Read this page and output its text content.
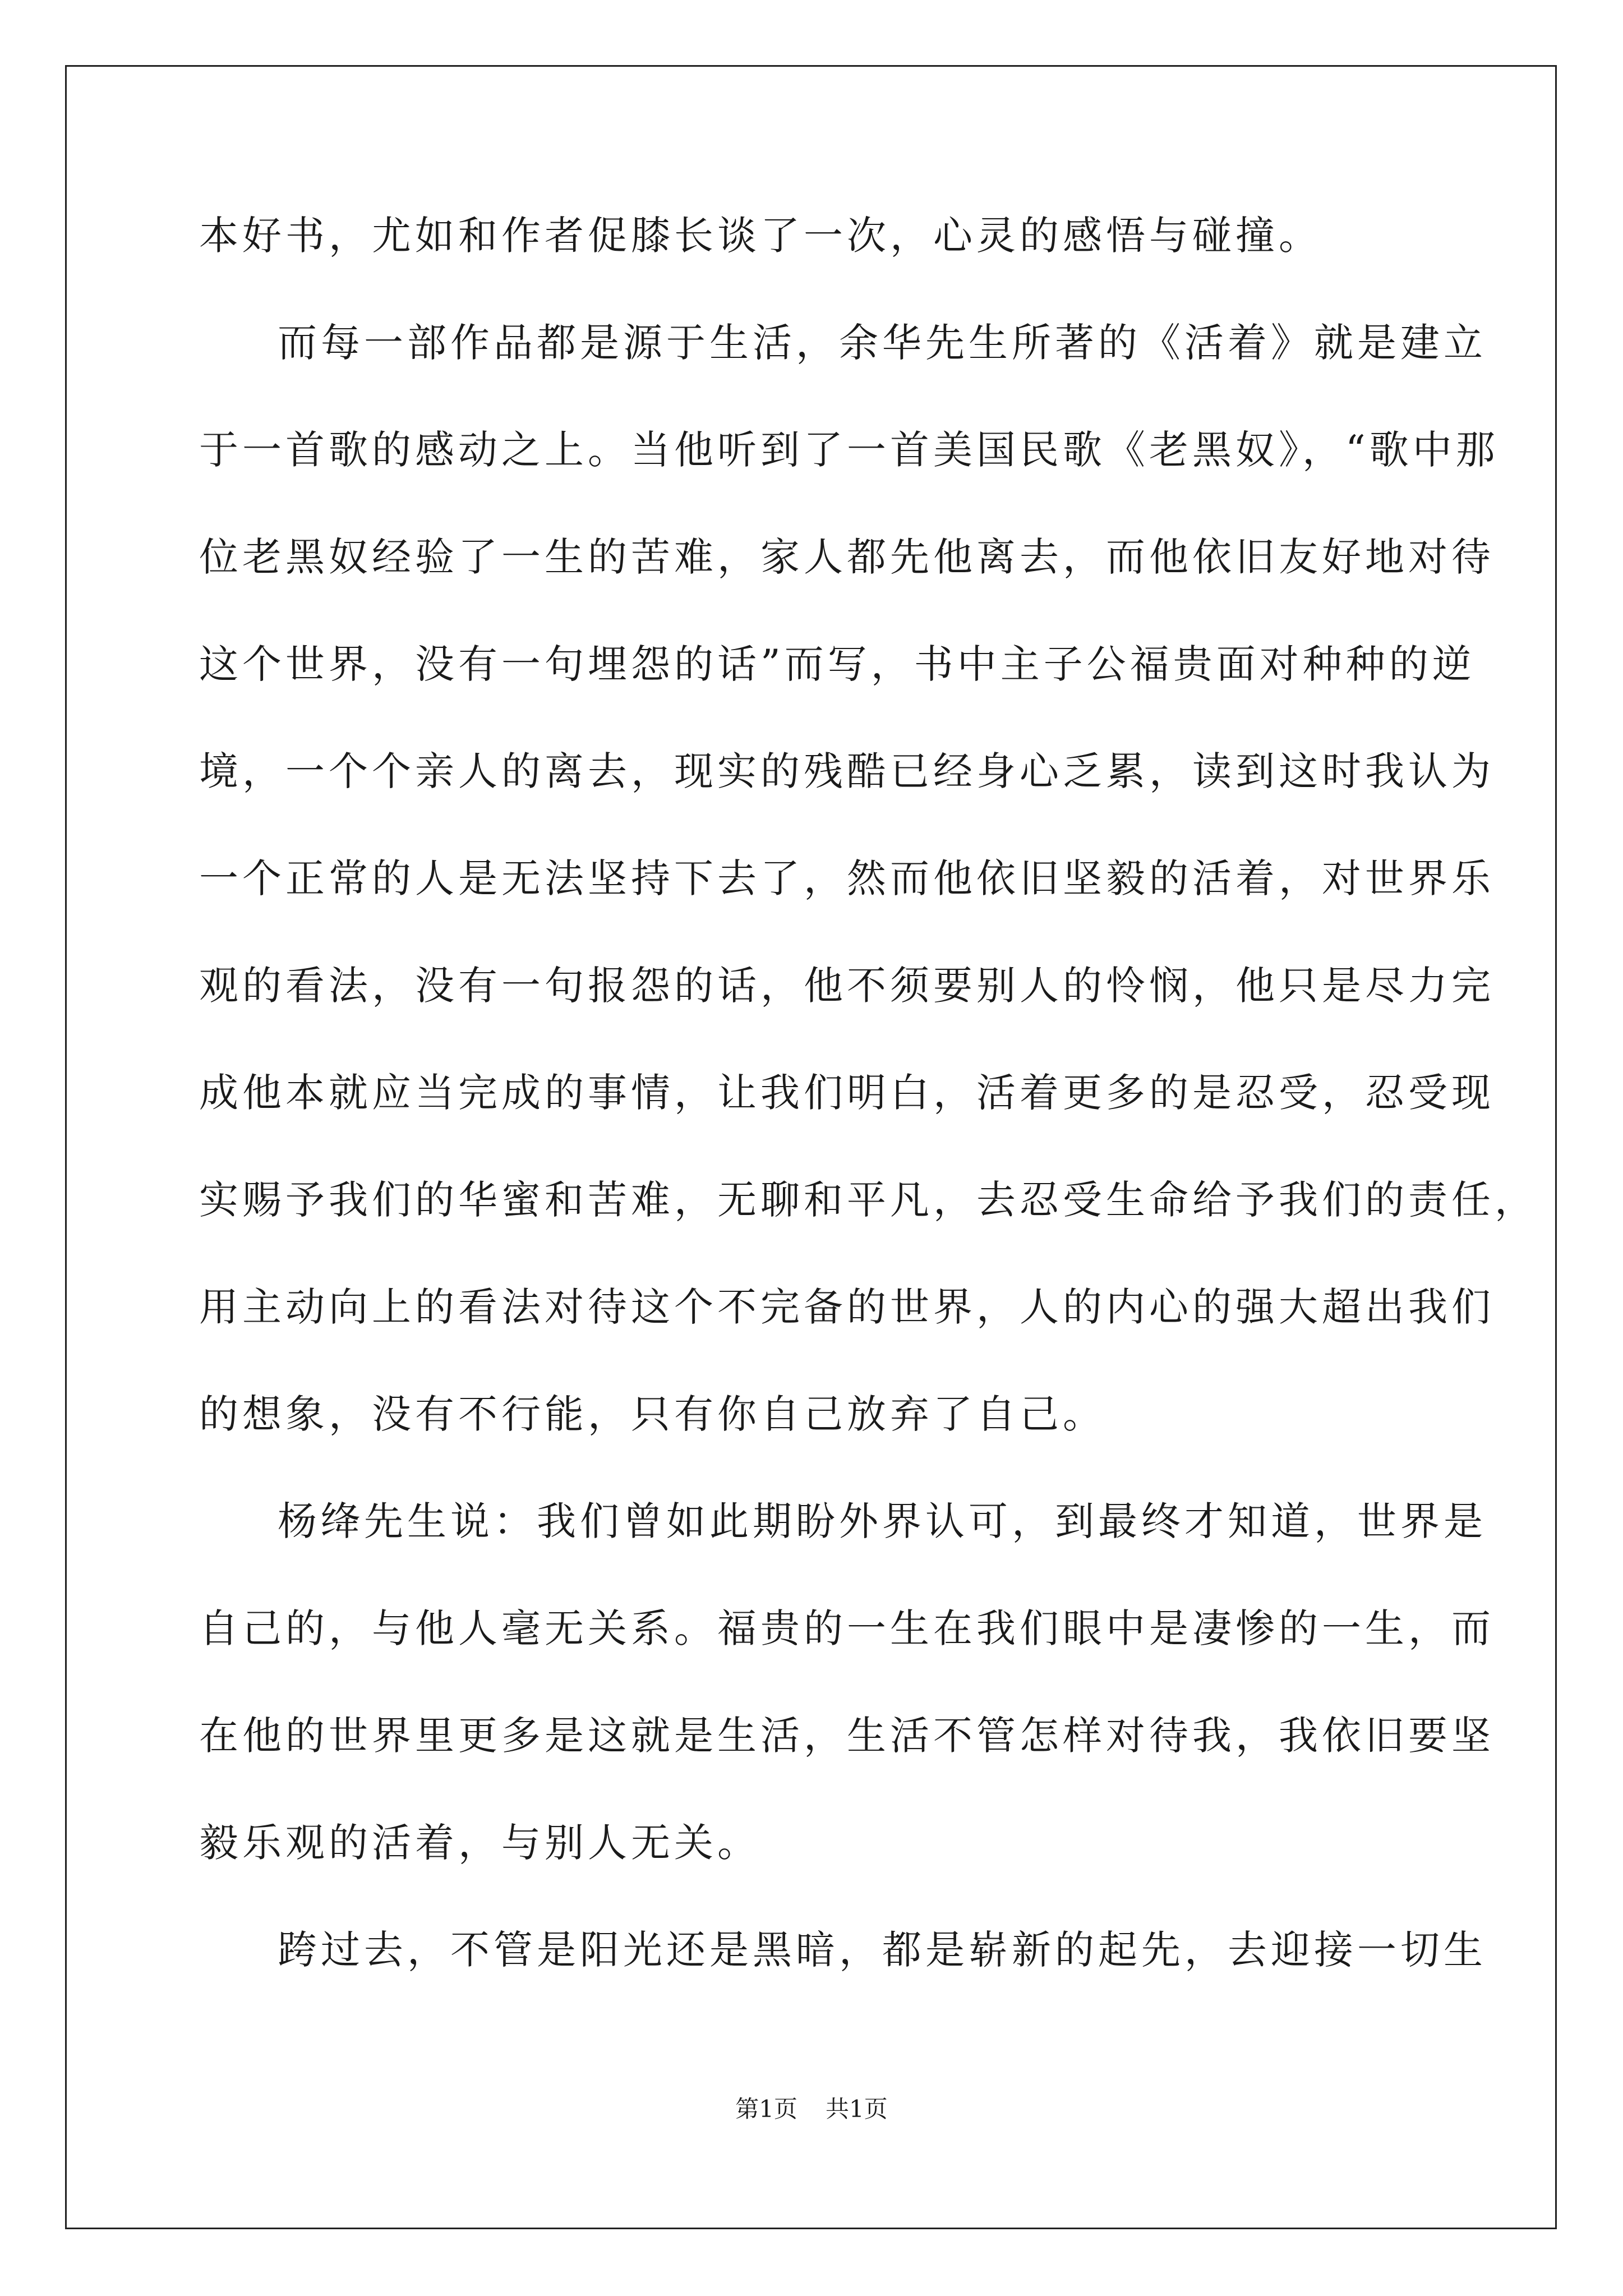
本好书，尤如和作者促膝长谈了一次，心灵的感悟与碰撞。
而每一部作品都是源于生活，余华先生所著的《活着》就是建立
于一首歌的感动之上。当他听到了一首美国民歌《老黑奴》，“歌中那
位老黑奴经验了一生的苦难，家人都先他离去，而他依旧友好地对待
这个世界，没有一句埋怨的话”而写，书中主子公福贵面对种种的逆
境，一个个亲人的离去，现实的残酷已经身心乏累，读到这时我认为
一个正常的人是无法坚持下去了，然而他依旧坚毅的活着，对世界乐
观的看法，没有一句报怨的话，他不须要别人的怜悯，他只是尽力完
成他本就应当完成的事情，让我们明白，活着更多的是忍受，忍受现
实赐予我们的华蜜和苦难，无聊和平凡，去忍受生命给予我们的责任，
用主动向上的看法对待这个不完备的世界，人的内心的强大超出我们
的想象，没有不行能，只有你自己放弃了自己。
杨绛先生说：我们曾如此期盼外界认可，到最终才知道，世界是
自己的，与他人毫无关系。福贵的一生在我们眼中是凄惨的一生，而
在他的世界里更多是这就是生活，生活不管怎样对待我，我依旧要坚
毅乐观的活着，与别人无关。
跨过去，不管是阳光还是黑暗，都是崭新的起先，去迎接一切生
第1页 共1页
